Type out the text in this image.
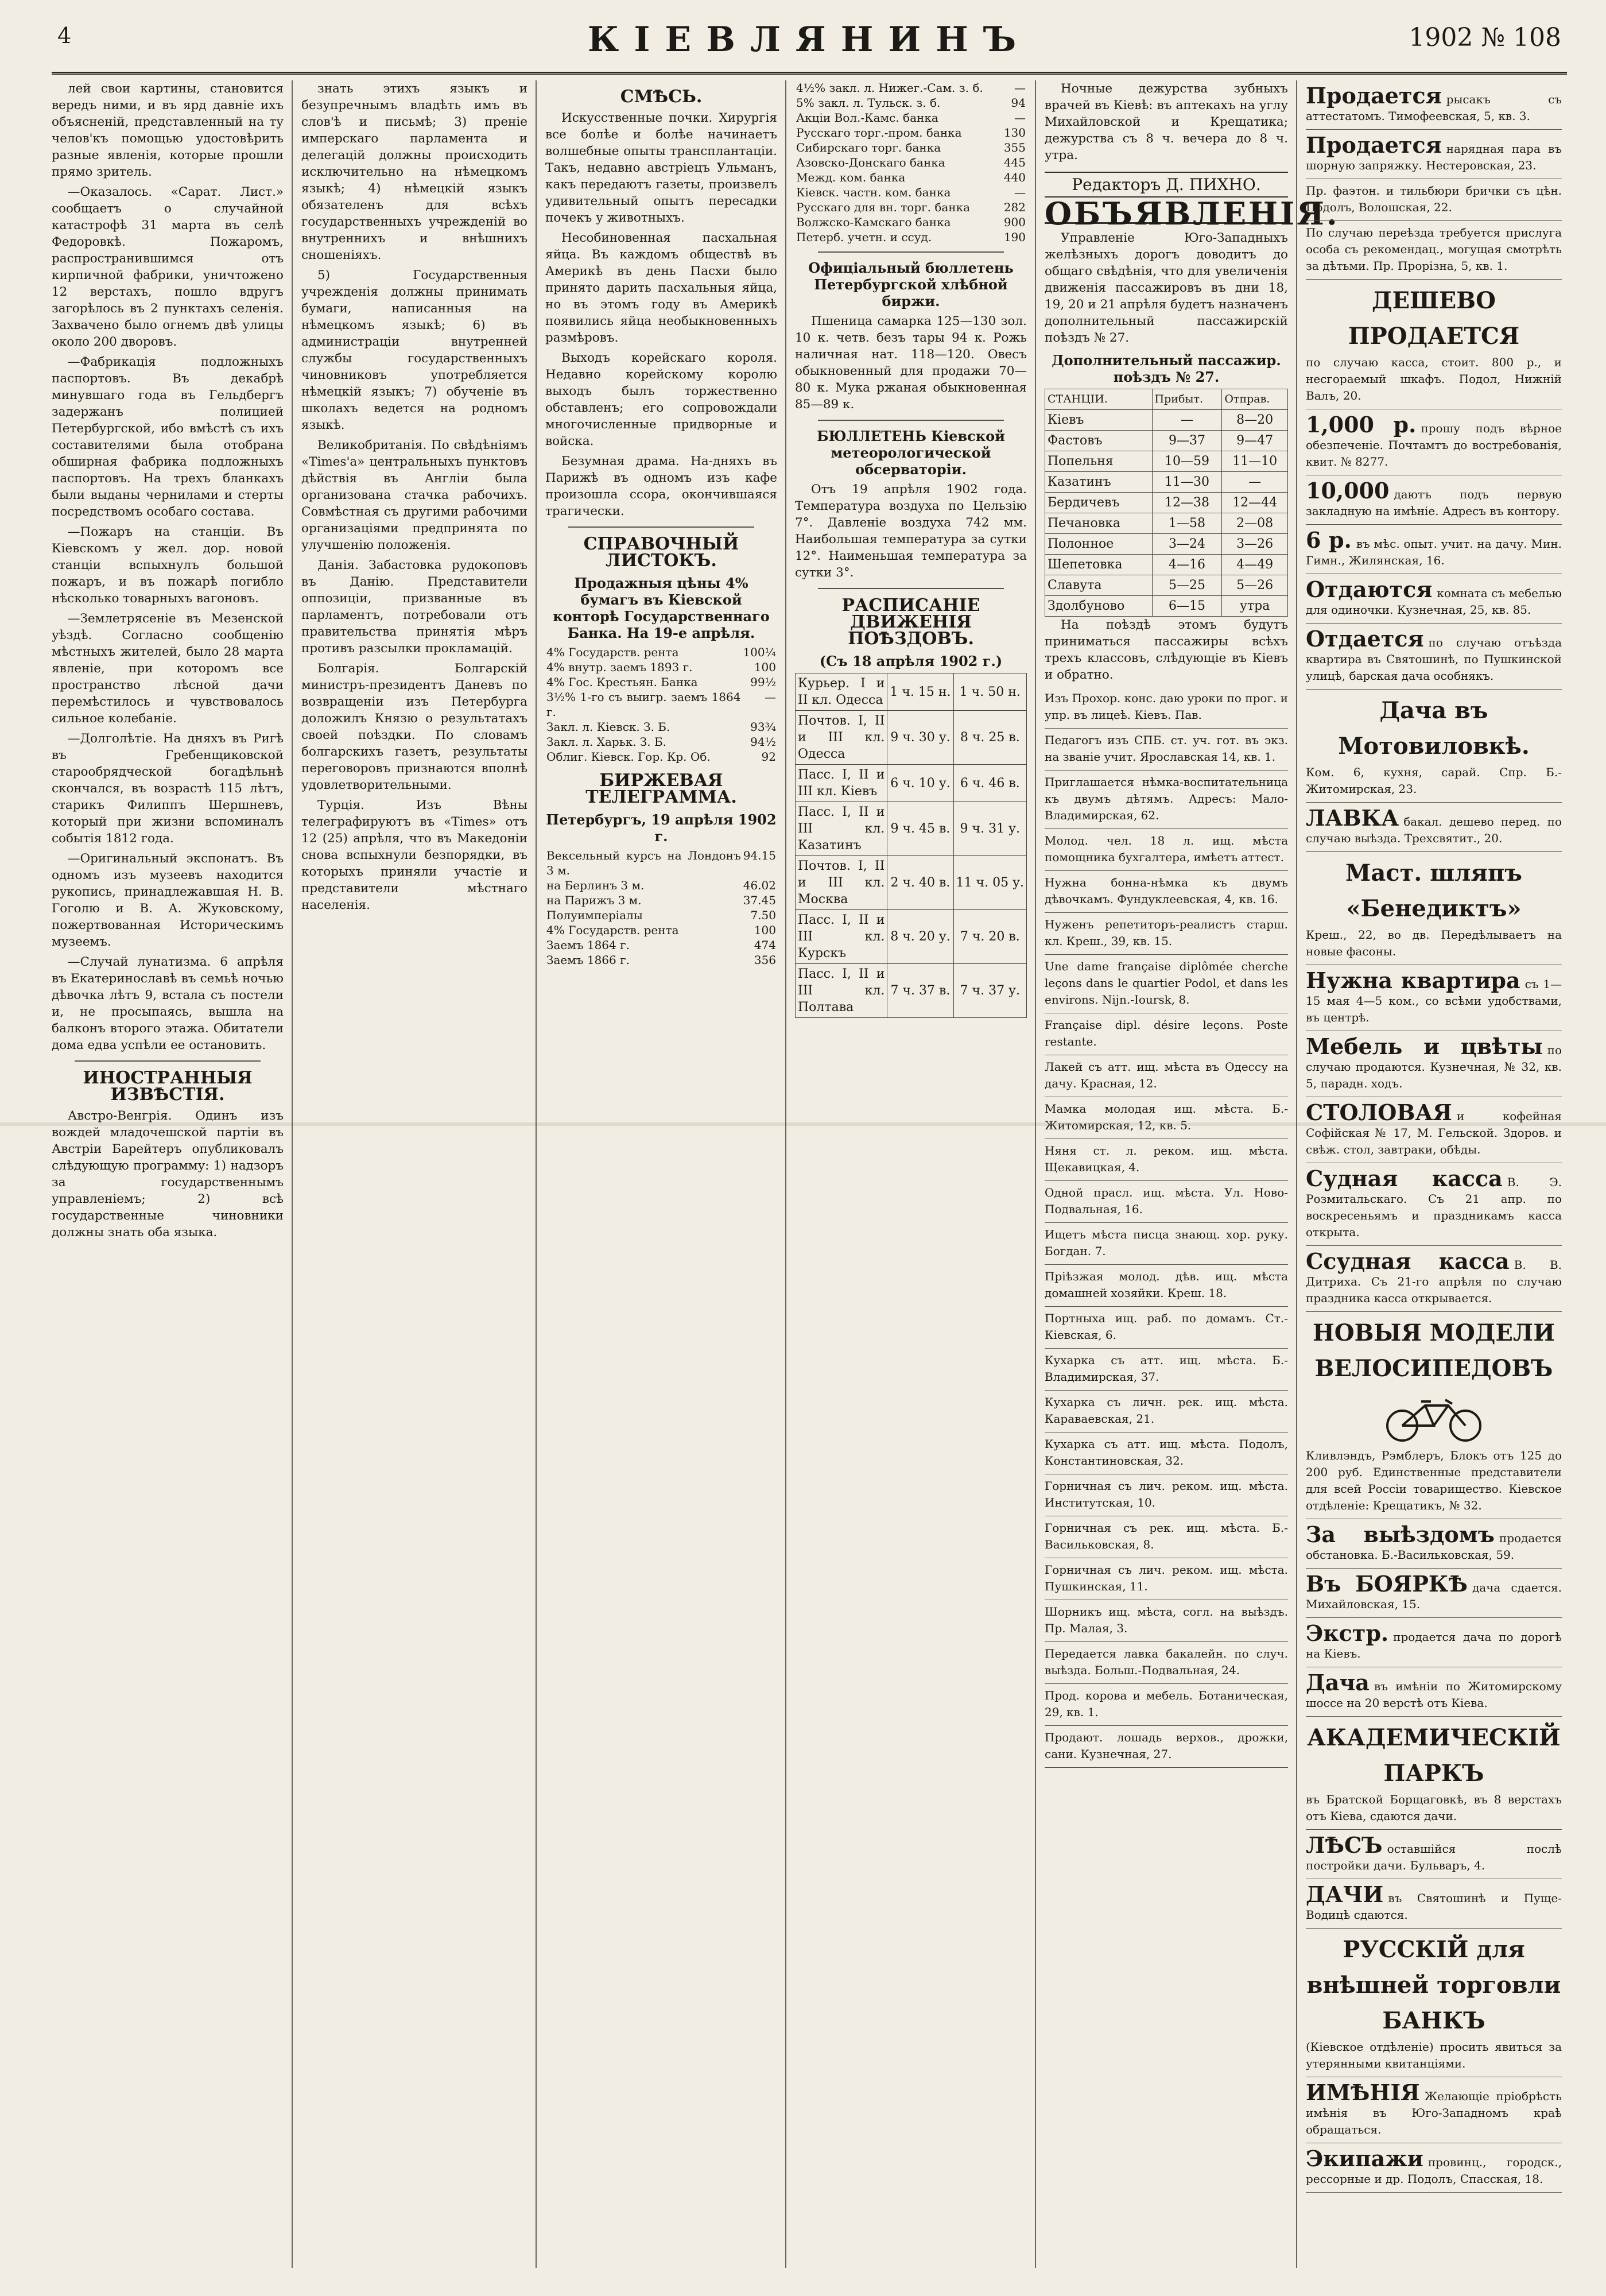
4	КІЕВЛЯНИНЪ	1902 № 108

лей свои картины, становится вередъ ними, и въ ярд давніе ихъ объясненій, представленный на ту челов'къ помощью удостовѣрить разные явленія, которые прошли прямо зритель.

—Оказалось. «Сарат. Лист.» сообщаетъ о случайной катастрофѣ 31 марта въ селѣ Федоровкѣ. Пожаромъ, распространившимся отъ кирпичной фабрики, уничтожено 12 верстахъ, пошло вдругъ загорѣлось въ 2 пунктахъ селенія. Захвачено было огнемъ двѣ улицы около 200 дворовъ.

—Фабрикація подложныхъ паспортовъ. Въ декабрѣ минувшаго года въ Гельдбергъ задержанъ полицией Петербургской, ибо вмѣстѣ съ ихъ составителями была отобрана обширная фабрика подложныхъ паспортовъ. На трехъ бланкахъ были выданы чернилами и стерты посредствомъ особаго состава.

—Пожаръ на станціи. Въ Кіевскомъ у жел. дор. новой станціи вспыхнулъ большой пожаръ, и въ пожарѣ погибло нѣсколько товарныхъ вагоновъ.

—Землетрясеніе въ Мезенской уѣздѣ. Согласно сообщенію мѣстныхъ жителей, было 28 марта явленіе, при которомъ все пространство лѣсной дачи перемѣстилось и чувствовалось сильное колебаніе.

—Долголѣтіе. На дняхъ въ Ригѣ въ Гребенщиковской старообрядческой богадѣльнѣ скончался, въ возрастѣ 115 лѣтъ, старикъ Филиппъ Шершневъ, который при жизни вспоминалъ событія 1812 года.

—Оригинальный экспонатъ. Въ одномъ изъ музеевъ находится рукопись, принадлежавшая Н. В. Гоголю и В. А. Жуковскому, пожертвованная Историческимъ музеемъ.

—Случай лунатизма. 6 апрѣля въ Екатеринославѣ въ семьѣ ночью дѣвочка лѣтъ 9, встала съ постели и, не просыпаясь, вышла на балконъ второго этажа. Обитатели дома едва успѣли ее остановить.

ИНОСТРАННЫЯ ИЗВѢСТІЯ.

Австро-Венгрія. Одинъ изъ вождей младочешской партіи въ Австріи Барейтеръ опубликовалъ слѣдующую программу: 1) надзоръ за государственнымъ управленіемъ; 2) всѣ государственные чиновники должны знать оба языка.

знать этихъ языкъ и безупречнымъ владѣть имъ въ слов'ѣ и письмѣ; 3) преніе имперскаго парламента и делегацій должны происходить исключительно на нѣмецкомъ языкѣ; 4) нѣмецкій языкъ обязателенъ для всѣхъ государственныхъ учрежденій во внутреннихъ и внѣшнихъ сношеніяхъ.

5) Государственныя учрежденія должны принимать бумаги, написанныя на нѣмецкомъ языкѣ; 6) въ администраціи внутренней службы государственныхъ чиновниковъ употребляется нѣмецкій языкъ; 7) обученіе въ школахъ ведется на родномъ языкѣ.

Великобританія. По свѣдѣніямъ «Times'a» центральныхъ пунктовъ дѣйствія въ Англіи была организована стачка рабочихъ. Совмѣстная съ другими рабочими организаціями предпринята по улучшенію положенія.

Данія. Забастовка рудокоповъ въ Данію. Представители оппозиціи, призванные въ парламентъ, потребовали отъ правительства принятія мѣръ противъ разсылки прокламацій.

Болгарія. Болгарскій министръ-президентъ Даневъ по возвращеніи изъ Петербурга доложилъ Князю о результатахъ своей поѣздки. По словамъ болгарскихъ газетъ, результаты переговоровъ признаются вполнѣ удовлетворительными.

Турція. Изъ Вѣны телеграфируютъ въ «Times» отъ 12 (25) апрѣля, что въ Македоніи снова вспыхнули безпорядки, въ которыхъ приняли участіе и представители мѣстнаго населенія.

СМѢСЬ.

Искусственные почки. Хирургія все болѣе и болѣе начинаетъ волшебные опыты трансплантаціи. Такъ, недавно австріецъ Ульманъ, какъ передаютъ газеты, произвелъ удивительный опытъ пересадки почекъ у животныхъ.

Несобиновенная пасхальная яйца. Въ каждомъ обществѣ въ Америкѣ въ день Пасхи было принято дарить пасхальныя яйца, но въ этомъ году въ Америкѣ появились яйца необыкновенныхъ размѣровъ.

Выходъ корейскаго короля. Недавно корейскому королю выходъ былъ торжественно обставленъ; его сопровождали многочисленные придворные и войска.

Безумная драма. На-дняхъ въ Парижѣ въ одномъ изъ кафе произошла ссора, окончившаяся трагически.

СПРАВОЧНЫЙ ЛИСТОКЪ.
Продажныя цѣны 4% бумагъ въ Кіевской конторѣ Государственнаго Банка. На 19-е апрѣля.
4% Государств. рента	100¼
4% внутр. заемъ 1893 г.	100
4% Гос. Крестьян. Банка	99½
3½% 1-го съ выигр. заемъ 1864 г.	—
Закл. л. Кіевск. З. Б.	93¾
Закл. л. Харьк. З. Б.	94½
Облиг. Кіевск. Гор. Кр. Об.	92
БИРЖЕВАЯ ТЕЛЕГРАММА.
Петербургъ, 19 апрѣля 1902 г.
Вексельный курсъ на Лондонъ 3 м.	94.15
на Берлинъ 3 м.	46.02
на Парижъ 3 м.	37.45
Полуимперіалы	7.50
4% Государств. рента	100
Заемъ 1864 г.	474
Заемъ 1866 г.	356
4½% закл. л. Нижег.-Сам. з. б.	—
5% закл. л. Тульск. з. б.	94
Акціи Вол.-Камс. банка	—
Русскаго торг.-пром. банка	130
Сибирскаго торг. банка	355
Азовско-Донскаго банка	445
Межд. ком. банка	440
Кіевск. частн. ком. банка	—
Русскаго для вн. торг. банка	282
Волжско-Камскаго банка	900
Петерб. учетн. и ссуд.	190
Офиціальный бюллетень Петербургской хлѣбной биржи.

Пшеница самарка 125—130 зол. 10 к. четв. безъ тары 94 к. Рожь наличная нат. 118—120. Овесъ обыкновенный для продажи 70—80 к. Мука ржаная обыкновенная 85—89 к.

БЮЛЛЕТЕНЬ Кіевской метеорологической обсерваторіи.

Отъ 19 апрѣля 1902 года. Температура воздуха по Цельзію 7°. Давленіе воздуха 742 мм. Наибольшая температура за сутки 12°. Наименьшая температура за сутки 3°.

РАСПИСАНІЕ ДВИЖЕНІЯ ПОѢЗДОВЪ.
(Съ 18 апрѣля 1902 г.)
Курьер. I и II кл. Одесса	1 ч. 15 н.	1 ч. 50 н.
Почтов. I, II и III кл. Одесса	9 ч. 30 у.	8 ч. 25 в.
Пасс. I, II и III кл. Кіевъ	6 ч. 10 у.	6 ч. 46 в.
Пасс. I, II и III кл. Казатинъ	9 ч. 45 в.	9 ч. 31 у.
Почтов. I, II и III кл. Москва	2 ч. 40 в.	11 ч. 05 у.
Пасс. I, II и III кл. Курскъ	8 ч. 20 у.	7 ч. 20 в.
Пасс. I, II и III кл. Полтава	7 ч. 37 в.	7 ч. 37 у.

Ночные дежурства зубныхъ врачей въ Кіевѣ: въ аптекахъ на углу Михайловской и Крещатика; дежурства съ 8 ч. вечера до 8 ч. утра.

Редакторъ Д. ПИХНО.
ОБЪЯВЛЕНІЯ.

Управленіе Юго-Западныхъ желѣзныхъ дорогъ доводитъ до общаго свѣдѣнія, что для увеличенія движенія пассажировъ въ дни 18, 19, 20 и 21 апрѣля будетъ назначенъ дополнительный пассажирскій поѣздъ № 27.

Дополнительный пассажир. поѣздъ № 27.
СТАНЦІИ.	Прибыт.	Отправ.
Кіевъ	—	8—20
Фастовъ	9—37	9—47
Попельня	10—59	11—10
Казатинъ	11—30	—
Бердичевъ	12—38	12—44
Печановка	1—58	2—08
Полонное	3—24	3—26
Шепетовка	4—16	4—49
Славута	5—25	5—26
Здолбуново	6—15	утра

На поѣздѣ этомъ будутъ приниматься пассажиры всѣхъ трехъ классовъ, слѣдующіе въ Кіевъ и обратно.

Изъ Прохор. конс. даю уроки по прог. и упр. въ лицеѣ. Кіевъ. Пав.
Педагогъ изъ СПБ. ст. уч. гот. въ экз. на званіе учит. Ярославская 14, кв. 1.
Приглашается нѣмка-воспитательница къ двумъ дѣтямъ. Адресъ: Мало-Владимирская, 62.
Молод. чел. 18 л. ищ. мѣста помощника бухгалтера, имѣетъ аттест.
Нужна бонна-нѣмка къ двумъ дѣвочкамъ. Фундуклеевская, 4, кв. 16.
Нуженъ репетиторъ-реалистъ старш. кл. Креш., 39, кв. 15.
Une dame française diplômée cherche leçons dans le quartier Podol, et dans les environs. Nijn.-Ioursk, 8.
Française dipl. désire leçons. Poste restante.
Лакей съ атт. ищ. мѣста въ Одессу на дачу. Красная, 12.
Мамка молодая ищ. мѣста. Б.-Житомирская, 12, кв. 5.
Няня ст. л. реком. ищ. мѣста. Щекавицкая, 4.
Одной прасл. ищ. мѣста. Ул. Ново-Подвальная, 16.
Ищетъ мѣста писца знающ. хор. руку. Богдан. 7.
Пріѣзжая молод. дѣв. ищ. мѣста домашней хозяйки. Креш. 18.
Портныха ищ. раб. по домамъ. Ст.-Кіевская, 6.
Кухарка съ атт. ищ. мѣста. Б.-Владимирская, 37.
Кухарка съ личн. рек. ищ. мѣста. Караваевская, 21.
Кухарка съ атт. ищ. мѣста. Подолъ, Константиновская, 32.
Горничная съ лич. реком. ищ. мѣста. Институтская, 10.
Горничная съ рек. ищ. мѣста. Б.-Васильковская, 8.
Горничная съ лич. реком. ищ. мѣста. Пушкинская, 11.
Шорникъ ищ. мѣста, согл. на выѣздъ. Пр. Малая, 3.
Передается лавка бакалейн. по случ. выѣзда. Больш.-Подвальная, 24.
Прод. корова и мебель. Ботаническая, 29, кв. 1.
Продают. лошадь верхов., дрожки, сани. Кузнечная, 27.
Продается рысакъ съ аттестатомъ. Тимофеевская, 5, кв. 3.
Продается нарядная пара въ шорную запряжку. Нестеровская, 23.
Пр. фаэтон. и тильбюри брички съ цѣн. Подолъ, Волошская, 22.
По случаю переѣзда требуется прислуга особа съ рекомендац., могущая смотрѣть за дѣтьми. Пр. Прорізна, 5, кв. 1.
ДЕШЕВО ПРОДАЕТСЯ
по случаю касса, стоит. 800 р., и несгораемый шкафъ. Подол, Нижній Валъ, 20.
1,000 р. прошу подъ вѣрное обезпеченіе. Почтамтъ до востребованія, квит. № 8277.
10,000 даютъ подъ первую закладную на имѣніе. Адресъ въ контору.
6 р. въ мѣс. опыт. учит. на дачу. Мин. Гимн., Жилянская, 16.
Отдаются комната съ мебелью для одиночки. Кузнечная, 25, кв. 85.
Отдается по случаю отъѣзда квартира въ Святошинѣ, по Пушкинской улицѣ, барская дача особнякъ.
Дача въ Мотовиловкѣ.
Ком. 6, кухня, сарай. Спр. Б.-Житомирская, 23.
ЛАВКА бакал. дешево перед. по случаю выѣзда. Трехсвятит., 20.
Маст. шляпъ «Бенедиктъ»
Креш., 22, во дв. Передѣлываетъ на новые фасоны.
Нужна квартира съ 1—15 мая 4—5 ком., со всѣми удобствами, въ центрѣ.
Мебель и цвѣты по случаю продаются. Кузнечная, № 32, кв. 5, парадн. ходъ.
СТОЛОВАЯ и кофейная Софійская № 17, М. Гельской. Здоров. и свѣж. стол, завтраки, обѣды.
Судная касса В. Э. Розмитальскаго. Съ 21 апр. по воскресеньямъ и праздникамъ касса открыта.
Ссудная касса В. В. Дитриха. Съ 21-го апрѣля по случаю праздника касса открывается.
НОВЫЯ МОДЕЛИ ВЕЛОСИПЕДОВЪ
Кливлэндъ, Рэмблеръ, Блокъ отъ 125 до 200 руб. Единственные представители для всей Россіи товарищество. Кіевское отдѣленіе: Крещатикъ, № 32.
За выѣздомъ продается обстановка. Б.-Васильковская, 59.
Въ БОЯРКѢ дача сдается. Михайловская, 15.
Экстр. продается дача по дорогѣ на Кіевъ.
Дача въ имѣніи по Житомирскому шоссе на 20 верстѣ отъ Кіева.
АКАДЕМИЧЕСКІЙ ПАРКЪ
въ Братской Борщаговкѣ, въ 8 верстахъ отъ Кіева, сдаются дачи.
ЛѢСЪ оставшійся послѣ постройки дачи. Бульваръ, 4.
ДАЧИ въ Святошинѣ и Пуще-Водицѣ сдаются.
РУССКІЙ для внѣшней торговли БАНКЪ
(Кіевское отдѣленіе) просить явиться за утерянными квитанціями.
ИМѢНІЯ Желающіе пріобрѣсть имѣнія въ Юго-Западномъ краѣ обращаться.
Экипажи провинц., городск., рессорные и др. Подолъ, Спасская, 18.
